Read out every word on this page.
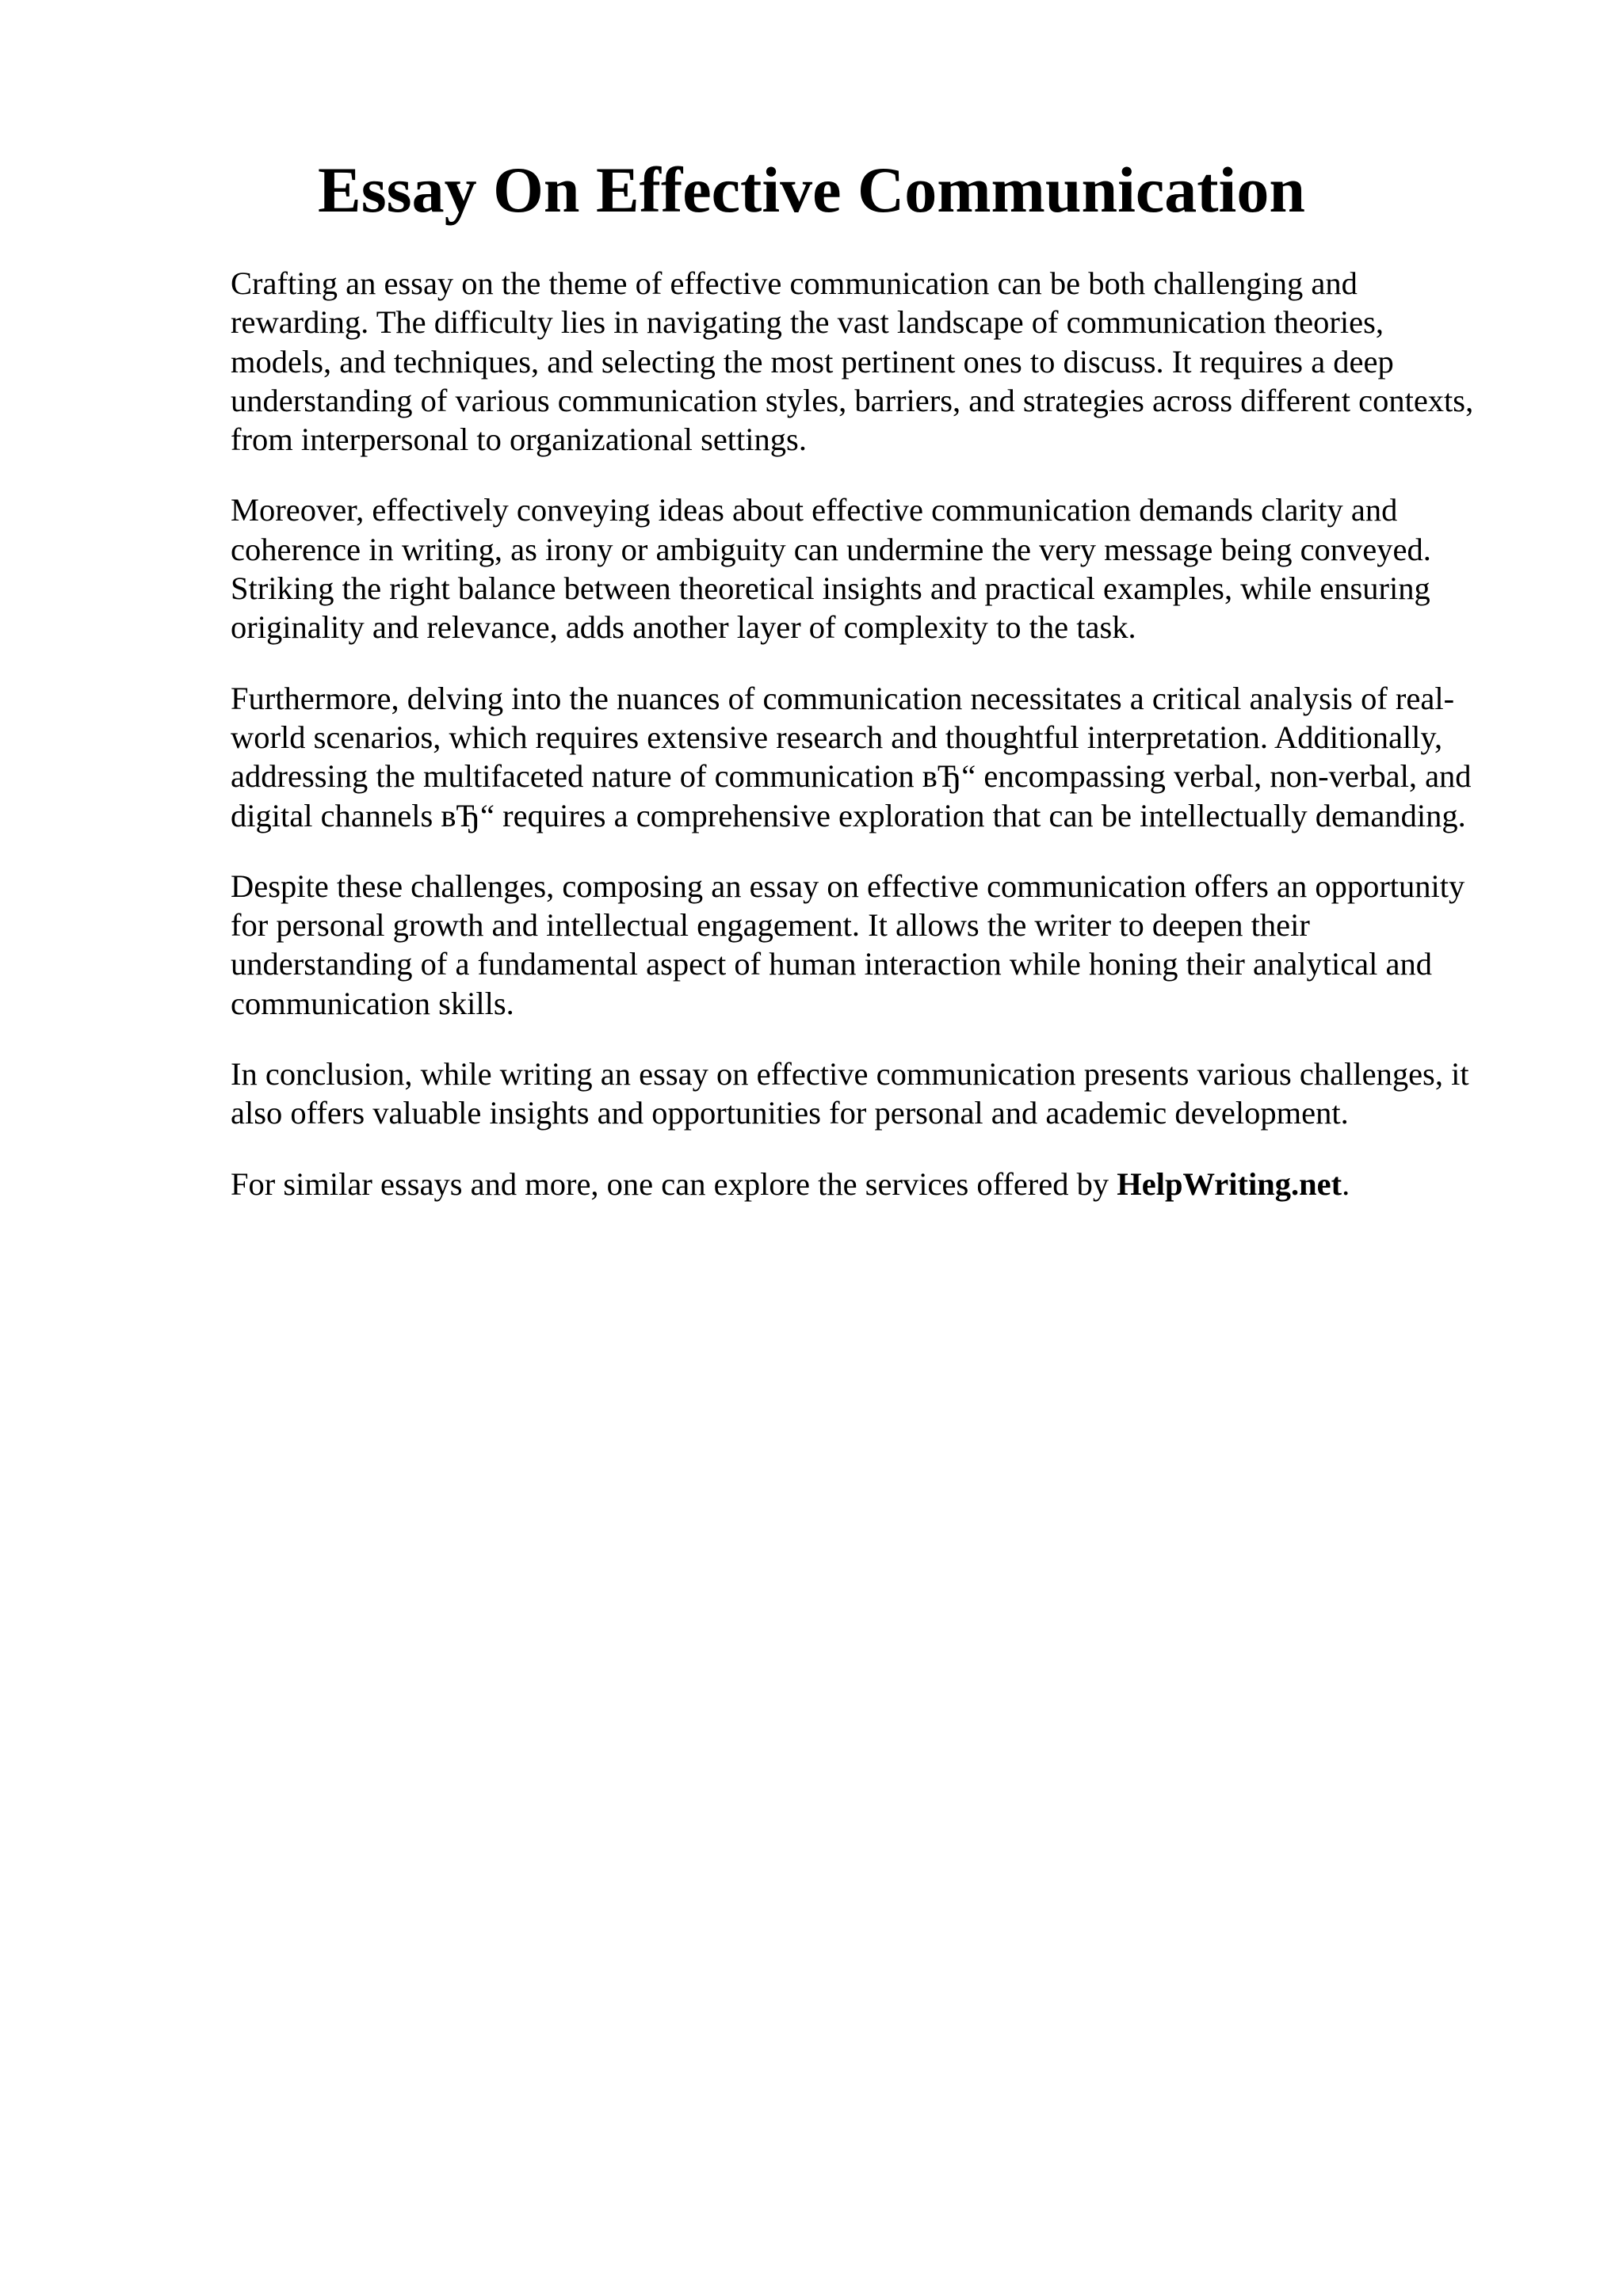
Essay On Effective Communication

Crafting an essay on the theme of effective communication can be both challenging and
rewarding. The difficulty lies in navigating the vast landscape of communication theories,
models, and techniques, and selecting the most pertinent ones to discuss. It requires a deep
understanding of various communication styles, barriers, and strategies across different contexts,
from interpersonal to organizational settings.

Moreover, effectively conveying ideas about effective communication demands clarity and
coherence in writing, as irony or ambiguity can undermine the very message being conveyed.
Striking the right balance between theoretical insights and practical examples, while ensuring
originality and relevance, adds another layer of complexity to the task.

Furthermore, delving into the nuances of communication necessitates a critical analysis of real-
world scenarios, which requires extensive research and thoughtful interpretation. Additionally,
addressing the multifaceted nature of communication вЂ“ encompassing verbal, non-verbal, and
digital channels вЂ“ requires a comprehensive exploration that can be intellectually demanding.

Despite these challenges, composing an essay on effective communication offers an opportunity
for personal growth and intellectual engagement. It allows the writer to deepen their
understanding of a fundamental aspect of human interaction while honing their analytical and
communication skills.

In conclusion, while writing an essay on effective communication presents various challenges, it
also offers valuable insights and opportunities for personal and academic development.

For similar essays and more, one can explore the services offered by HelpWriting.net.
